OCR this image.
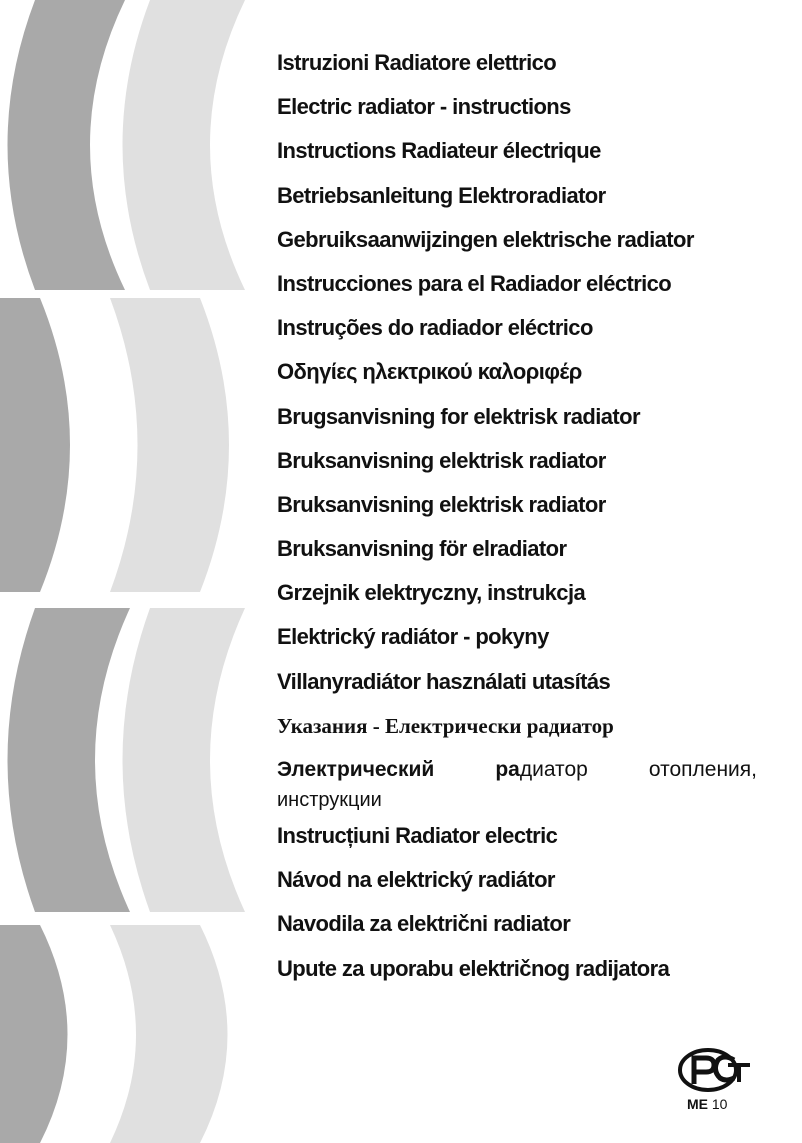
Istruzioni Radiatore elettrico
Electric radiator - instructions
Instructions Radiateur électrique
Betriebsanleitung Elektroradiator
Gebruiksaanwijzingen elektrische radiator
Instrucciones para el Radiador eléctrico
Instruções do radiador eléctrico
Οδηγίες ηλεκτρικού καλοριφέρ
Brugsanvisning for elektrisk radiator
Bruksanvisning elektrisk radiator
Bruksanvisning elektrisk radiator
Bruksanvisning för elradiator
Grzejnik elektryczny, instrukcja
Elektrický radiátor - pokyny
Villanyradiátor használati utasítás
Указания - Електрически радиатор
Электрический	радиатор	отопления,
инструкции
Instrucțiuni Radiator electric
Návod na elektrický radiátor
Navodila za električni radiator
Upute za uporabu električnog radijatora
ME 10
